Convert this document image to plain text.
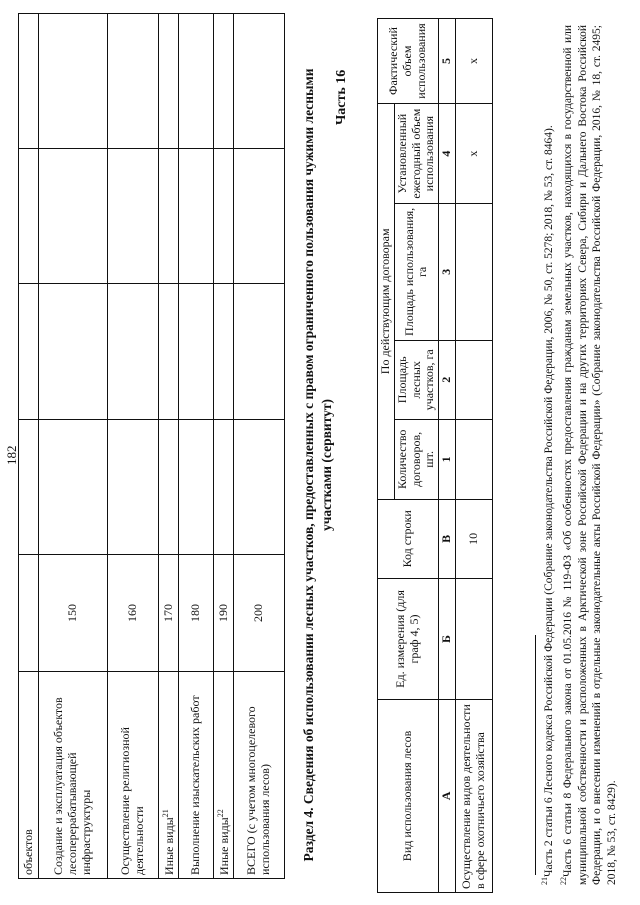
182
объектов					
Создание и эксплуатация объектов лесоперерабатывающей инфраструктуры	150				
Осуществление религиозной деятельности	160				
Иные виды$^{21}$	170				
Выполнение изыскательских работ	180				
Иные виды$^{22}$	190				
ВСЕГО (с учетом многоцелевого использования лесов)	200					Раздел 4. Сведения об использовании лесных участков, предоставленных с правом ограниченного пользования чужими лесными участками (сервитут)
Часть 16
Вид использования лесов	Ед. измерения (для граф 4, 5)	Код строки	По действующим договорам				Фактический объем использования
			Количество договоров, шт.	Площадь лесных участков, га	Площадь использования, га	Установленный ежегодный объем использования	
А	Б	В	1	2	3	4	5
Осуществление видов деятельности в сфере охотничьего хозяйства		10				х	х

$^{21}$Часть 2 статьи 6 Лесного кодекса Российской Федерации (Собрание законодательства Российской Федерации, 2006, № 50, ст. 5278; 2018, № 53, ст. 8464).

$^{22}$Часть 6 статьи 8 Федерального закона от 01.05.2016 № 119-ФЗ «Об особенностях предоставления гражданам земельных участков, находящихся в государственной или муниципальной собственности и расположенных в Арктической зоне Российской Федерации и на других территориях Севера, Сибири и Дальнего Востока Российской Федерации, и о внесении изменений в отдельные законодательные акты Российской Федерации» (Собрание законодательства Российской Федерации, 2016, № 18, ст. 2495; 2018, № 53, ст. 8429).
